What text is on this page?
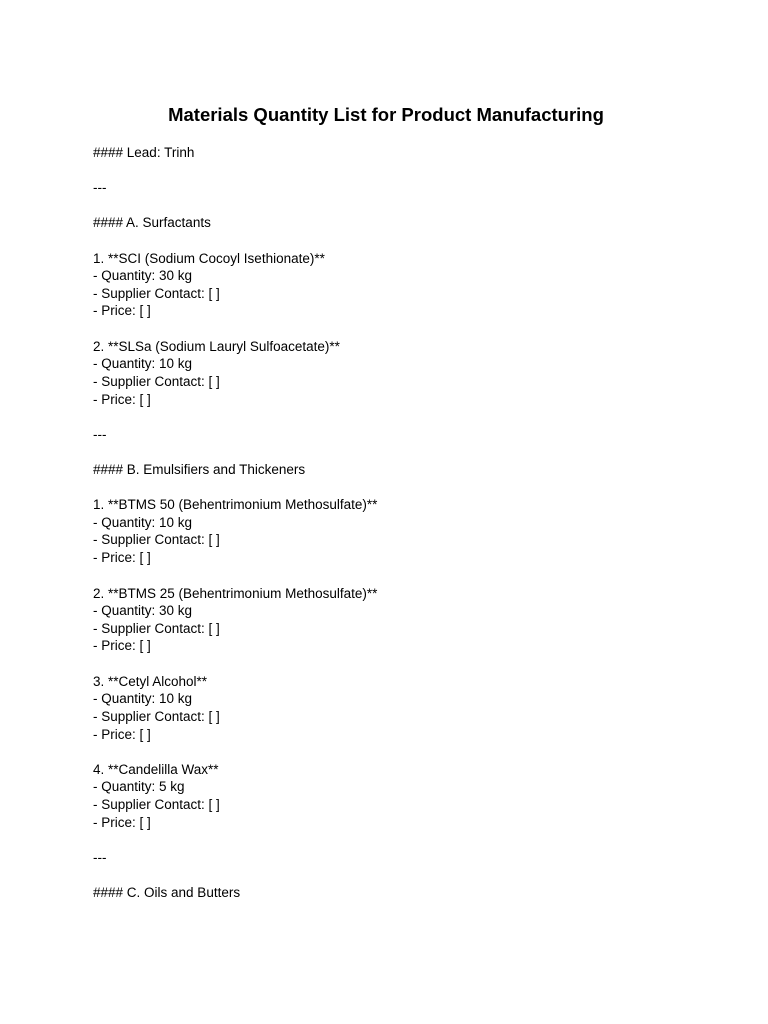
Materials Quantity List for Product Manufacturing
#### Lead: Trinh
---
#### A. Surfactants
1. **SCI (Sodium Cocoyl Isethionate)**
- Quantity: 30 kg
- Supplier Contact: [ ]
- Price: [ ]
2. **SLSa (Sodium Lauryl Sulfoacetate)**
- Quantity: 10 kg
- Supplier Contact: [ ]
- Price: [ ]
---
#### B. Emulsifiers and Thickeners
1. **BTMS 50 (Behentrimonium Methosulfate)**
- Quantity: 10 kg
- Supplier Contact: [ ]
- Price: [ ]
2. **BTMS 25 (Behentrimonium Methosulfate)**
- Quantity: 30 kg
- Supplier Contact: [ ]
- Price: [ ]
3. **Cetyl Alcohol**
- Quantity: 10 kg
- Supplier Contact: [ ]
- Price: [ ]
4. **Candelilla Wax**
- Quantity: 5 kg
- Supplier Contact: [ ]
- Price: [ ]
---
#### C. Oils and Butters
